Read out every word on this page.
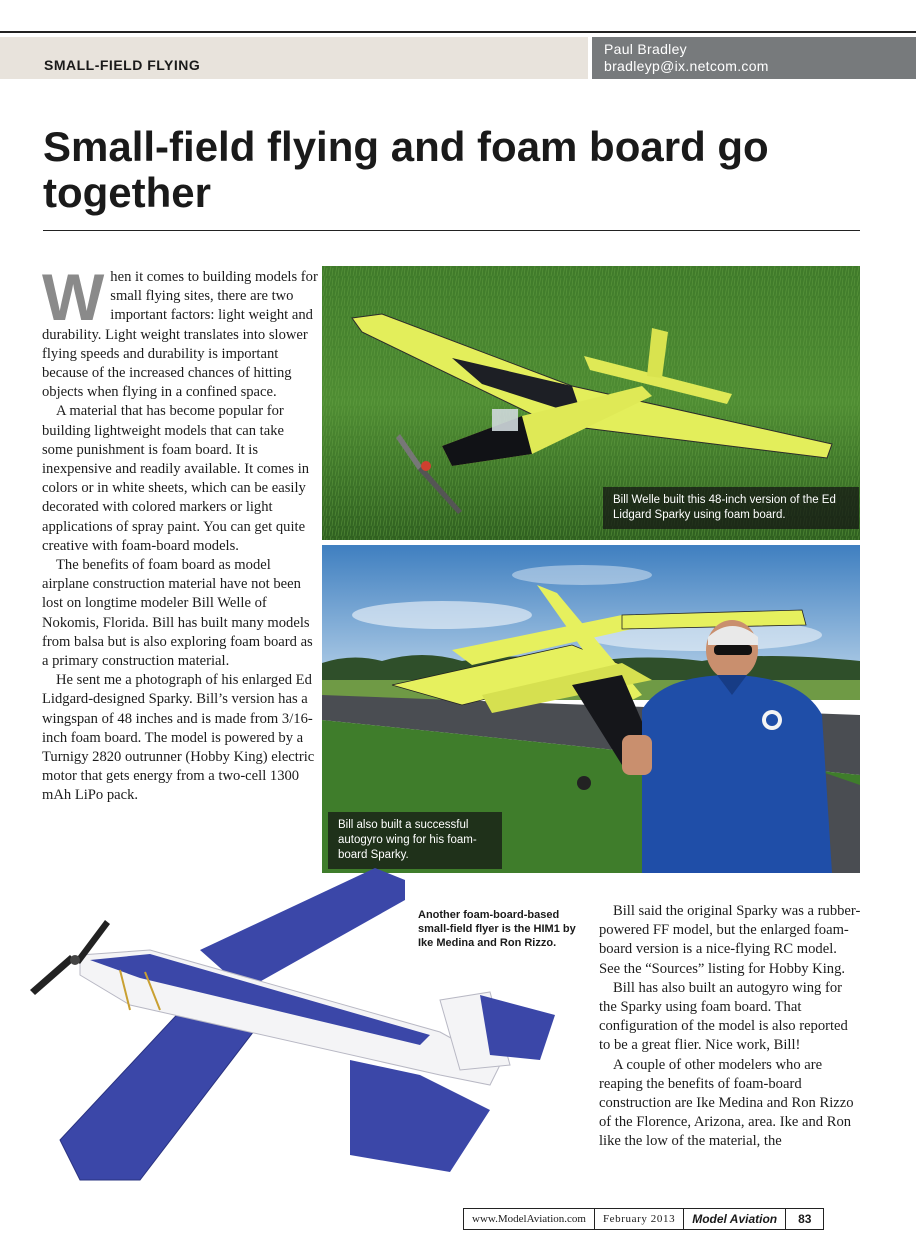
SMALL-FIELD FLYING
Paul Bradley
bradleyp@ix.netcom.com
Small-field flying and foam board go together

When it comes to building models for small flying sites, there are two important factors: light weight and durability. Light weight translates into slower flying speeds and durability is important because of the increased chances of hitting objects when flying in a confined space.

A material that has become popular for building lightweight models that can take some punishment is foam board. It is inexpensive and readily available. It comes in colors or in white sheets, which can be easily decorated with colored markers or light applications of spray paint. You can get quite creative with foam-board models.

The benefits of foam board as model airplane construction material have not been lost on longtime modeler Bill Welle of Nokomis, Florida. Bill has built many models from balsa but is also exploring foam board as a primary construction material.

He sent me a photograph of his enlarged Ed Lidgard-designed Sparky. Bill’s version has a wingspan of 48 inches and is made from 3/16-inch foam board. The model is powered by a Turnigy 2820 outrunner (Hobby King) electric motor that gets energy from a two-cell 1300 mAh LiPo pack.

Bill Welle built this 48-inch version of the Ed Lidgard Sparky using foam board.
Bill also built a successful autogyro wing for his foam-board Sparky.
Another foam-board-based small-field flyer is the HIM1 by Ike Medina and Ron Rizzo.

Bill said the original Sparky was a rubber-powered FF model, but the enlarged foam-board version is a nice-flying RC model. See the “Sources” listing for Hobby King.

Bill has also built an autogyro wing for the Sparky using foam board. That configuration of the model is also reported to be a great flier. Nice work, Bill!

A couple of other modelers who are reaping the benefits of foam-board construction are Ike Medina and Ron Rizzo of the Florence, Arizona, area. Ike and Ron like the low of the material, the

www.ModelAviation.com	February 2013	Model Aviation	83
